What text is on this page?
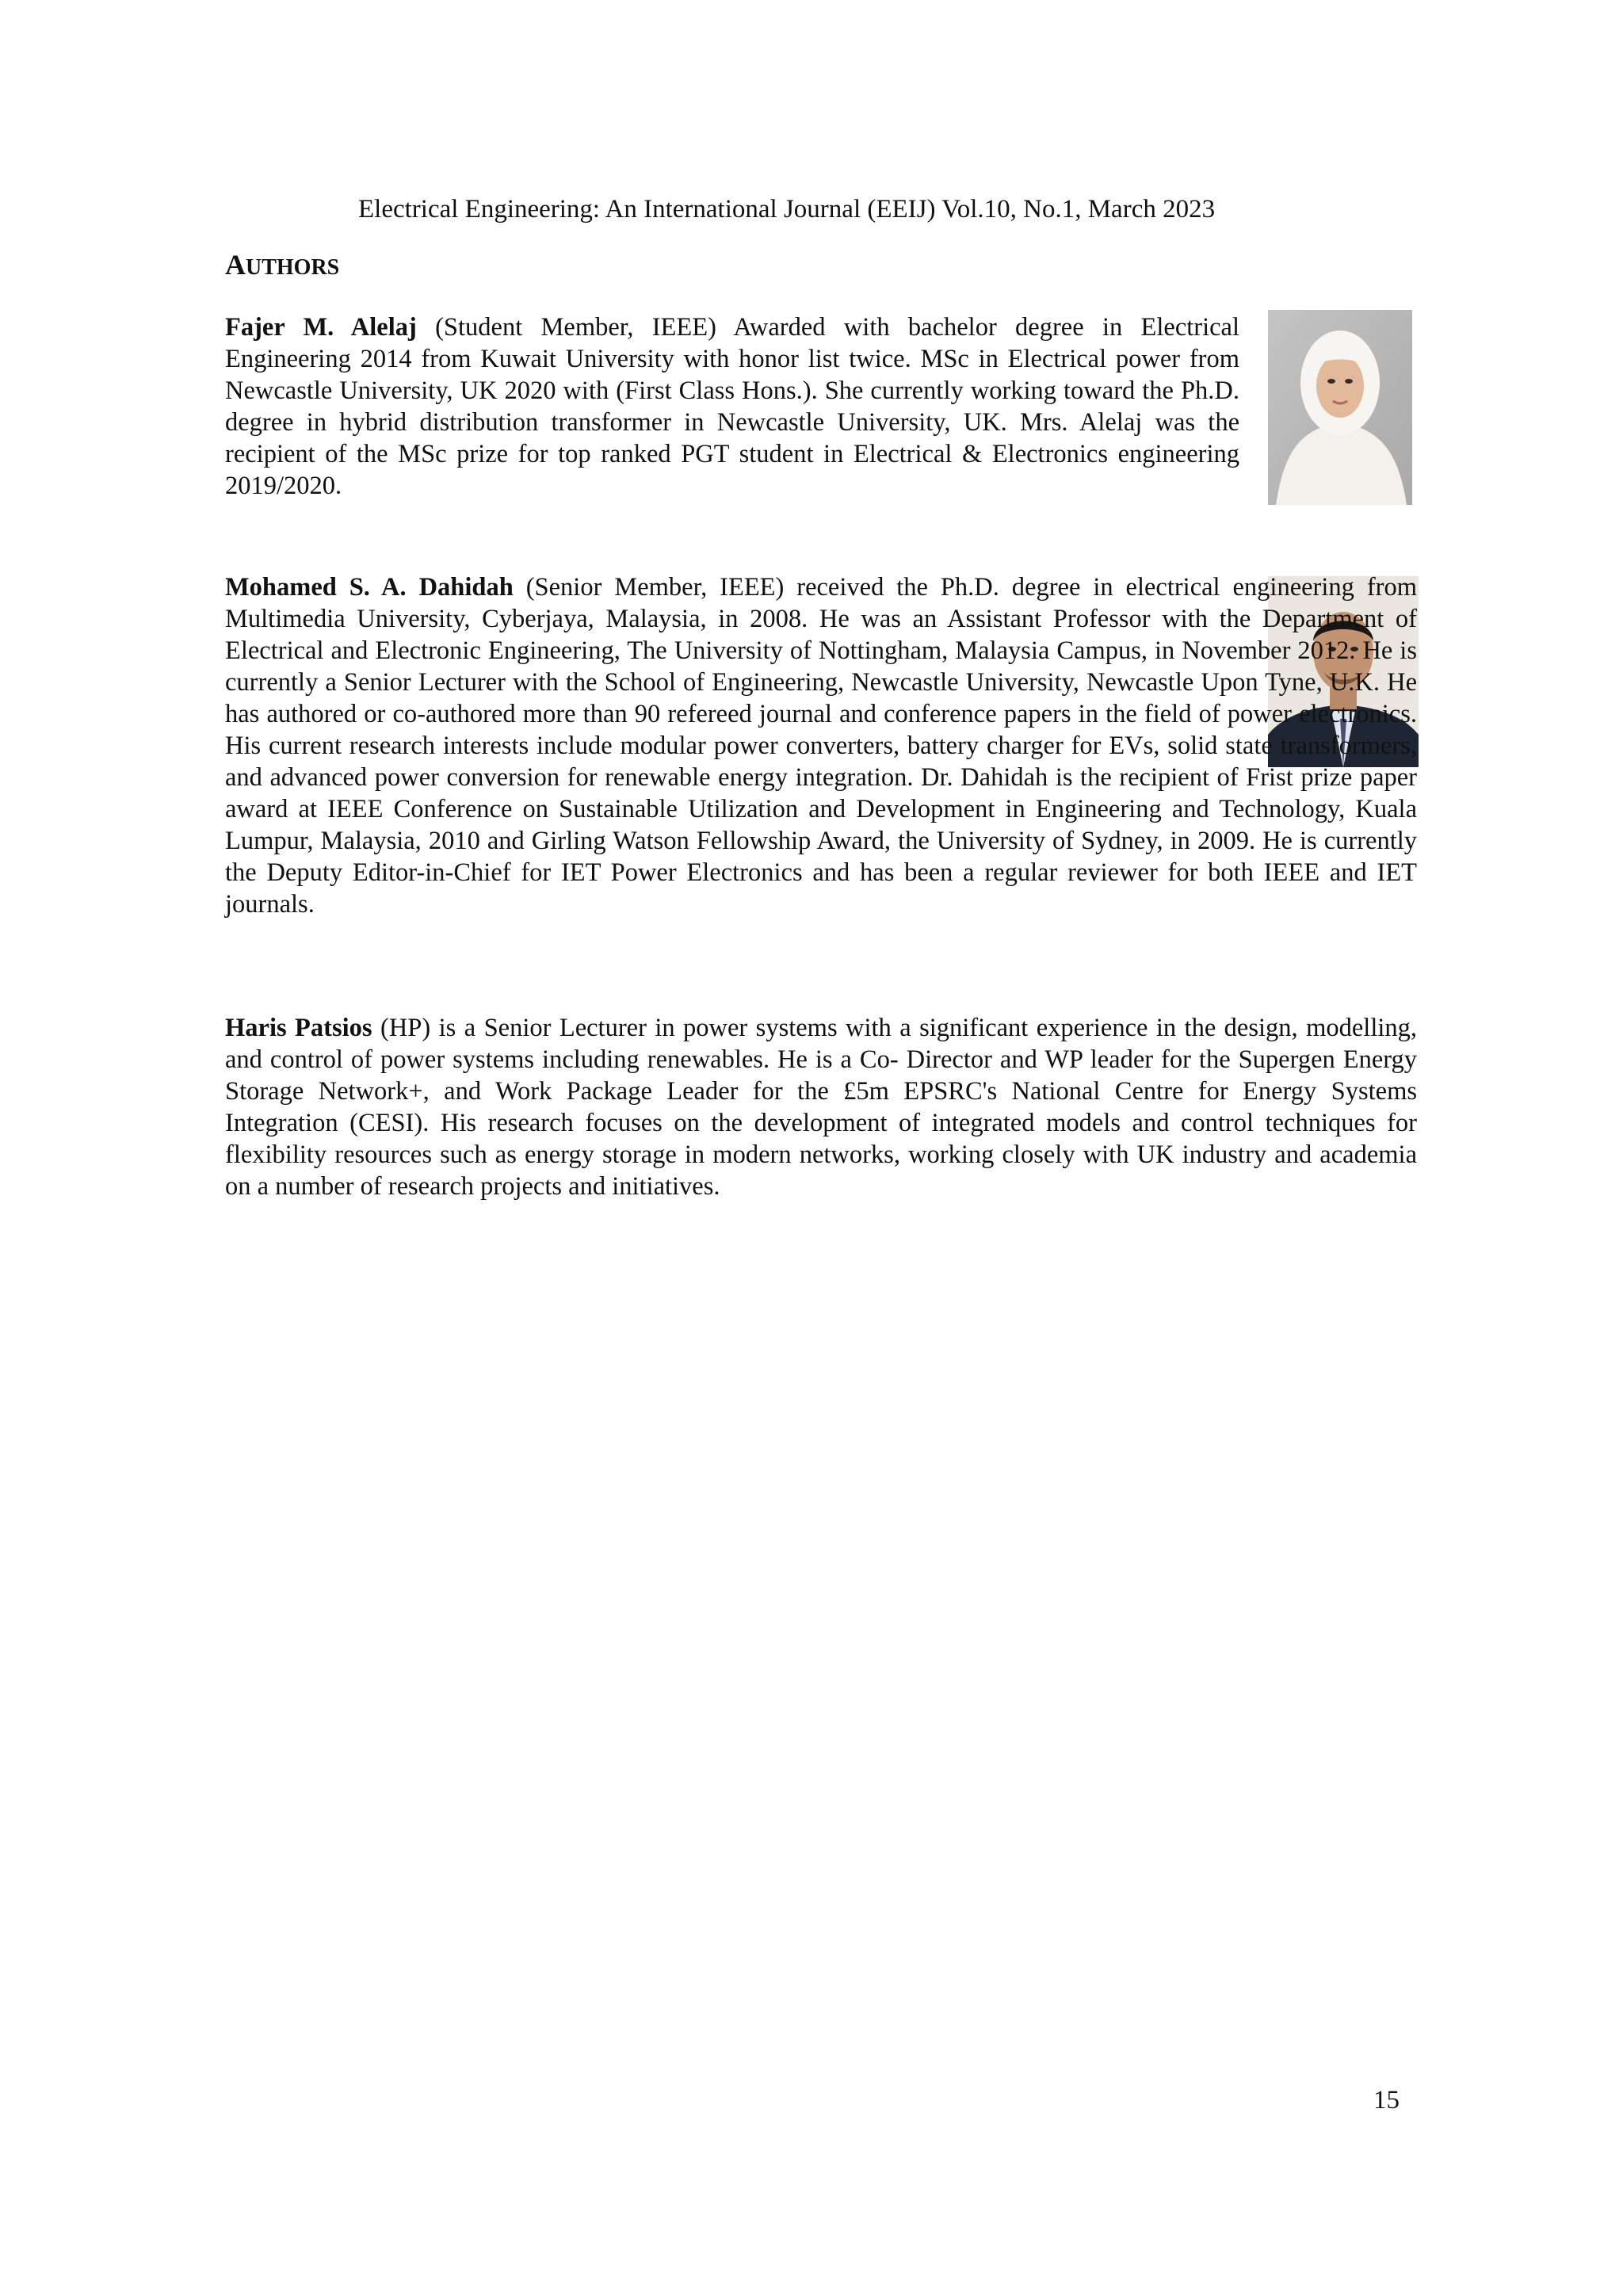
Electrical Engineering: An International Journal (EEIJ) Vol.10, No.1, March 2023
AUTHORS

Fajer M. Alelaj (Student Member, IEEE) Awarded with bachelor degree in Electrical Engineering 2014 from Kuwait University with honor list twice. MSc in Electrical power from Newcastle University, UK 2020 with (First Class Hons.). She currently working toward the Ph.D. degree in hybrid distribution transformer in Newcastle University, UK. Mrs. Alelaj was the recipient of the MSc prize for top ranked PGT student in Electrical & Electronics engineering 2019/2020.

Mohamed S. A. Dahidah (Senior Member, IEEE) received the Ph.D. degree in electrical engineering from Multimedia University, Cyberjaya, Malaysia, in 2008. He was an Assistant Professor with the Department of Electrical and Electronic Engineering, The University of Nottingham, Malaysia Campus, in November 2012. He is currently a Senior Lecturer with the School of Engineering, Newcastle University, Newcastle Upon Tyne, U.K. He has authored or co-authored more than 90 refereed journal and conference papers in the field of power electronics. His current research interests include modular power converters, battery charger for EVs, solid state transformers, and advanced power conversion for renewable energy integration. Dr. Dahidah is the recipient of Frist prize paper award at IEEE Conference on Sustainable Utilization and Development in Engineering and Technology, Kuala Lumpur, Malaysia, 2010 and Girling Watson Fellowship Award, the University of Sydney, in 2009. He is currently the Deputy Editor-in-Chief for IET Power Electronics and has been a regular reviewer for both IEEE and IET journals.

Haris Patsios (HP) is a Senior Lecturer in power systems with a significant experience in the design, modelling, and control of power systems including renewables. He is a Co- Director and WP leader for the Supergen Energy Storage Network+, and Work Package Leader for the £5m EPSRC's National Centre for Energy Systems Integration (CESI). His research focuses on the development of integrated models and control techniques for flexibility resources such as energy storage in modern networks, working closely with UK industry and academia on a number of research projects and initiatives.

15
